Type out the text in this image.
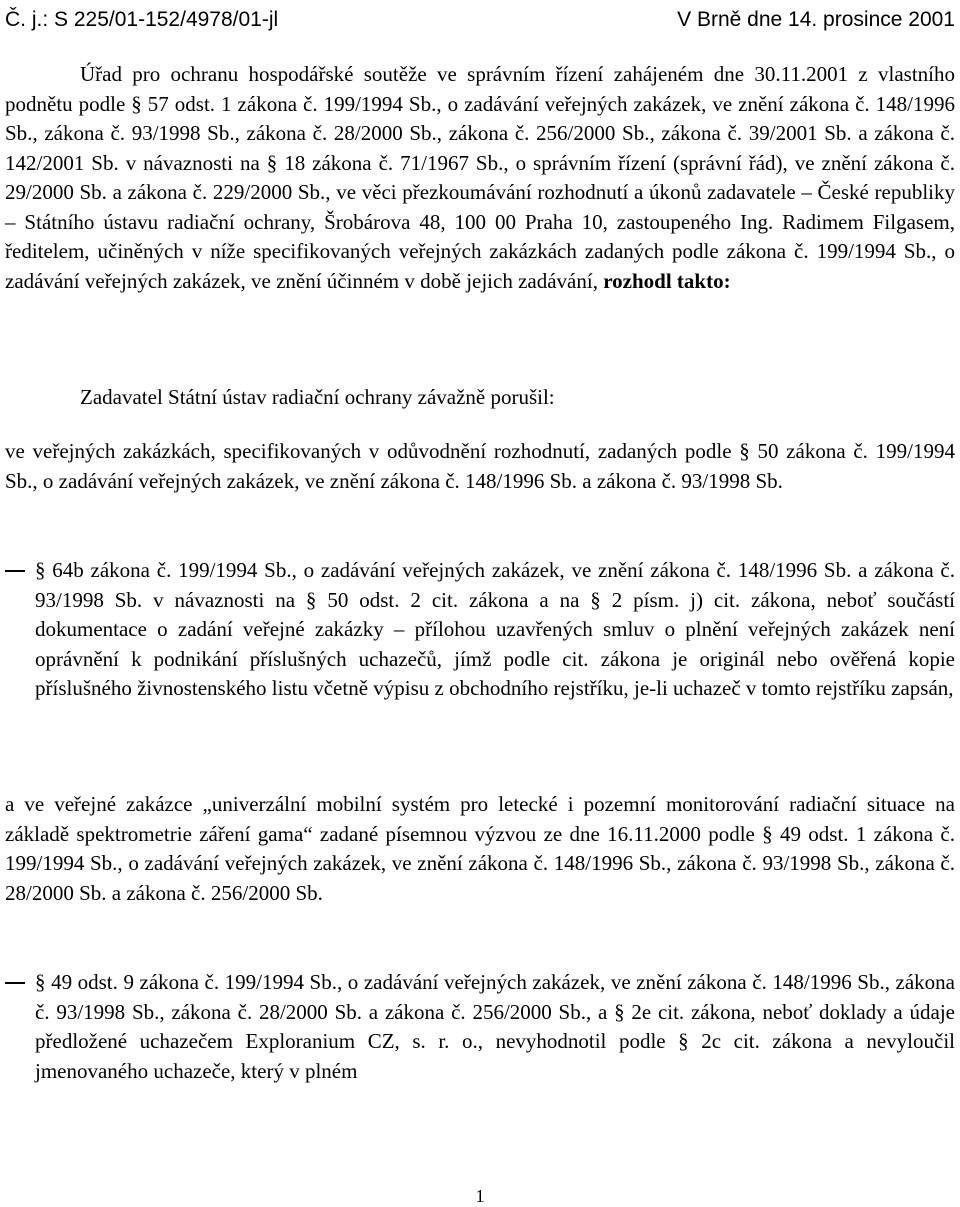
Č. j.: S 225/01-152/4978/01-jl	V Brně dne 14. prosince 2001

Úřad pro ochranu hospodářské soutěže ve správním řízení zahájeném dne 30.11.2001 z vlastního podnětu podle § 57 odst. 1 zákona č. 199/1994 Sb., o zadávání veřejných zakázek, ve znění zákona č. 148/1996 Sb., zákona č. 93/1998 Sb., zákona č. 28/2000 Sb., zákona č. 256/2000 Sb., zákona č. 39/2001 Sb. a zákona č. 142/2001 Sb. v návaznosti na § 18 zákona č. 71/1967 Sb., o správním řízení (správní řád), ve znění zákona č. 29/2000 Sb. a zákona č. 229/2000 Sb., ve věci přezkoumávání rozhodnutí a úkonů zadavatele – České republiky – Státního ústavu radiační ochrany, Šrobárova 48, 100 00 Praha 10, zastoupeného Ing. Radimem Filgasem, ředitelem, učiněných v níže specifikovaných veřejných zakázkách zadaných podle zákona č. 199/1994 Sb., o zadávání veřejných zakázek, ve znění účinném v době jejich zadávání, rozhodl takto:

Zadavatel Státní ústav radiační ochrany závažně porušil:

ve veřejných zakázkách, specifikovaných v odůvodnění rozhodnutí, zadaných podle § 50 zákona č. 199/1994 Sb., o zadávání veřejných zakázek, ve znění zákona č. 148/1996 Sb. a zákona č. 93/1998 Sb.

§ 64b zákona č. 199/1994 Sb., o zadávání veřejných zakázek, ve znění zákona č. 148/1996 Sb. a zákona č. 93/1998 Sb. v návaznosti na § 50 odst. 2 cit. zákona a na § 2 písm. j) cit. zákona, neboť součástí dokumentace o zadání veřejné zakázky – přílohou uzavřených smluv o plnění veřejných zakázek není oprávnění k podnikání příslušných uchazečů, jímž podle cit. zákona je originál nebo ověřená kopie příslušného živnostenského listu včetně výpisu z obchodního rejstříku, je-li uchazeč v tomto rejstříku zapsán,

a ve veřejné zakázce „univerzální mobilní systém pro letecké i pozemní monitorování radiační situace na základě spektrometrie záření gama“ zadané písemnou výzvou ze dne 16.11.2000 podle § 49 odst. 1 zákona č. 199/1994 Sb., o zadávání veřejných zakázek, ve znění zákona č. 148/1996 Sb., zákona č. 93/1998 Sb., zákona č. 28/2000 Sb. a zákona č. 256/2000 Sb.

§ 49 odst. 9 zákona č. 199/1994 Sb., o zadávání veřejných zakázek, ve znění zákona č. 148/1996 Sb., zákona č. 93/1998 Sb., zákona č. 28/2000 Sb. a zákona č. 256/2000 Sb., a § 2e cit. zákona, neboť doklady a údaje předložené uchazečem Exploranium CZ, s. r. o., nevyhodnotil podle § 2c cit. zákona a nevyloučil jmenovaného uchazeče, který v plném
1
